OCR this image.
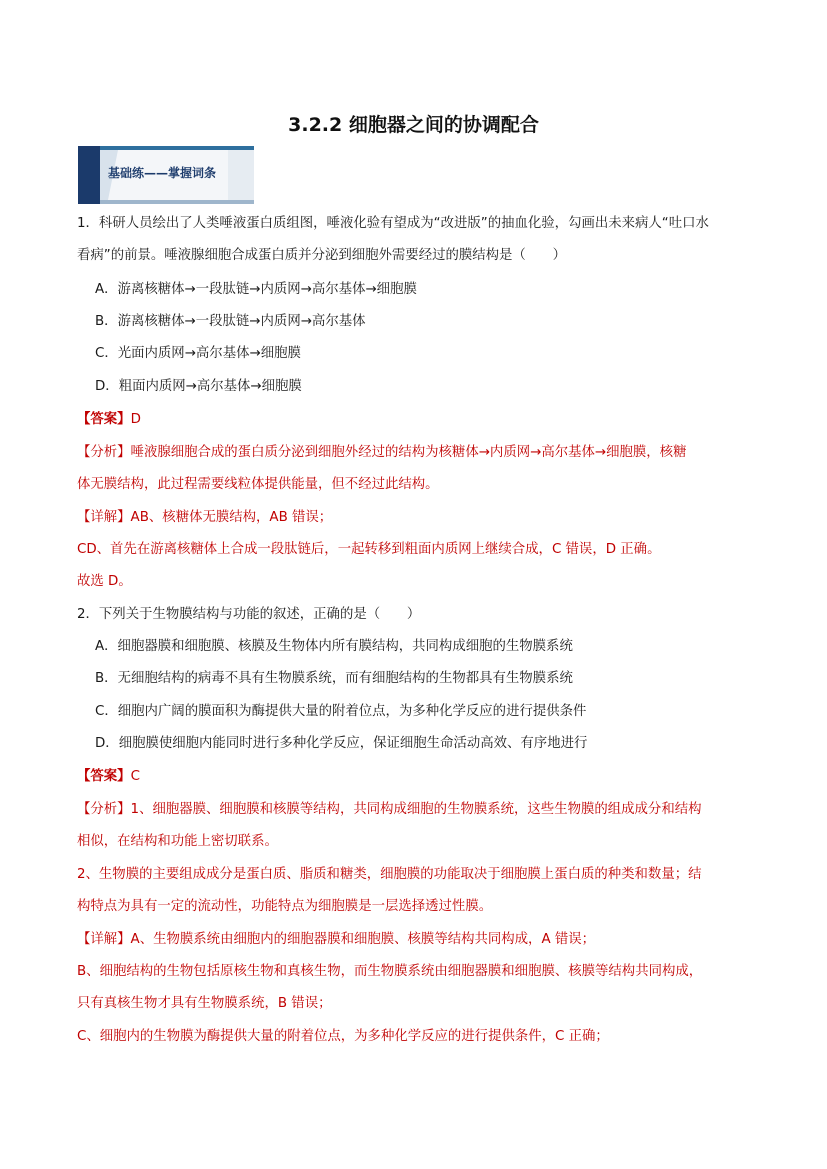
3.2.2 细胞器之间的协调配合
基础练——掌握词条
1．科研人员绘出了人类唾液蛋白质组图，唾液化验有望成为“改进版”的抽血化验，勾画出未来病人“吐口水
看病”的前景。唾液腺细胞合成蛋白质并分泌到细胞外需要经过的膜结构是（　　）
A．游离核糖体→一段肽链→内质网→高尔基体→细胞膜
B．游离核糖体→一段肽链→内质网→高尔基体
C．光面内质网→高尔基体→细胞膜
D．粗面内质网→高尔基体→细胞膜
【答案】D
【分析】唾液腺细胞合成的蛋白质分泌到细胞外经过的结构为核糖体→内质网→高尔基体→细胞膜，核糖
体无膜结构，此过程需要线粒体提供能量，但不经过此结构。
【详解】AB、核糖体无膜结构，AB 错误；
CD、首先在游离核糖体上合成一段肽链后，一起转移到粗面内质网上继续合成，C 错误，D 正确。
故选 D。
2．下列关于生物膜结构与功能的叙述，正确的是（　　）
A．细胞器膜和细胞膜、核膜及生物体内所有膜结构，共同构成细胞的生物膜系统
B．无细胞结构的病毒不具有生物膜系统，而有细胞结构的生物都具有生物膜系统
C．细胞内广阔的膜面积为酶提供大量的附着位点，为多种化学反应的进行提供条件
D．细胞膜使细胞内能同时进行多种化学反应，保证细胞生命活动高效、有序地进行
【答案】C
【分析】1、细胞器膜、细胞膜和核膜等结构，共同构成细胞的生物膜系统，这些生物膜的组成成分和结构
相似，在结构和功能上密切联系。
2、生物膜的主要组成成分是蛋白质、脂质和糖类，细胞膜的功能取决于细胞膜上蛋白质的种类和数量；结
构特点为具有一定的流动性，功能特点为细胞膜是一层选择透过性膜。
【详解】A、生物膜系统由细胞内的细胞器膜和细胞膜、核膜等结构共同构成，A 错误；
B、细胞结构的生物包括原核生物和真核生物，而生物膜系统由细胞器膜和细胞膜、核膜等结构共同构成，
只有真核生物才具有生物膜系统，B 错误；
C、细胞内的生物膜为酶提供大量的附着位点，为多种化学反应的进行提供条件，C 正确；
